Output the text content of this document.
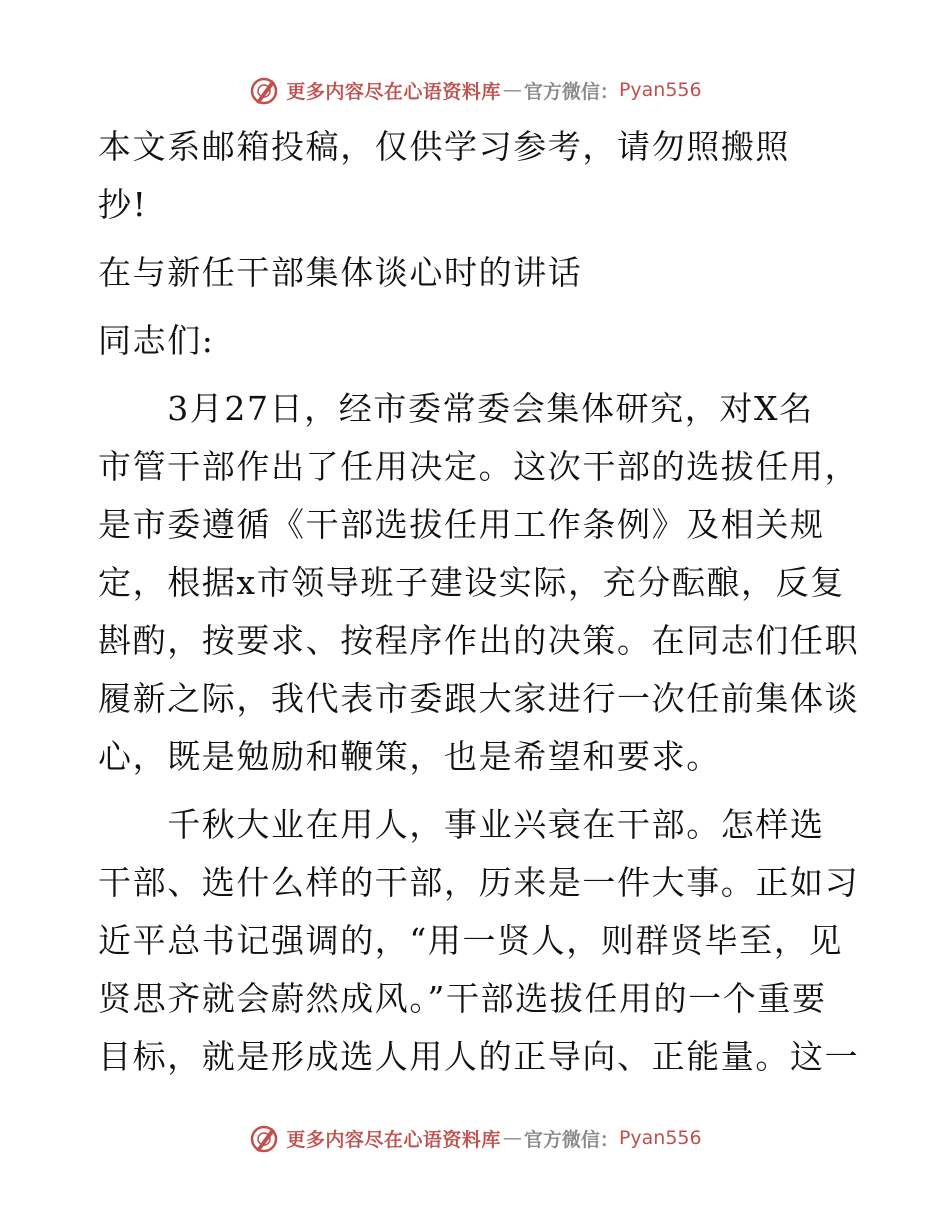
更多内容尽在心语资料库 — 官方微信 ： Pyan556
本文系邮箱投稿，仅供学习参考，请勿照搬照
抄!
在与新任干部集体谈心时的讲话
同志们:
　　3月27日，经市委常委会集体研究，对X名
市管干部作出了任用决定。这次干部的选拔任用，
是市委遵循《干部选拔任用工作条例》及相关规
定，根据x市领导班子建设实际，充分酝酿，反复
斟酌，按要求、按程序作出的决策。在同志们任职
履新之际，我代表市委跟大家进行一次任前集体谈
心，既是勉励和鞭策，也是希望和要求。
　　千秋大业在用人，事业兴衰在干部。怎样选
干部、选什么样的干部，历来是一件大事。正如习
近平总书记强调的，“用一贤人，则群贤毕至，见
贤思齐就会蔚然成风。”干部选拔任用的一个重要
目标，就是形成选人用人的正导向、正能量。这一
更多内容尽在心语资料库 — 官方微信 ： Pyan556
